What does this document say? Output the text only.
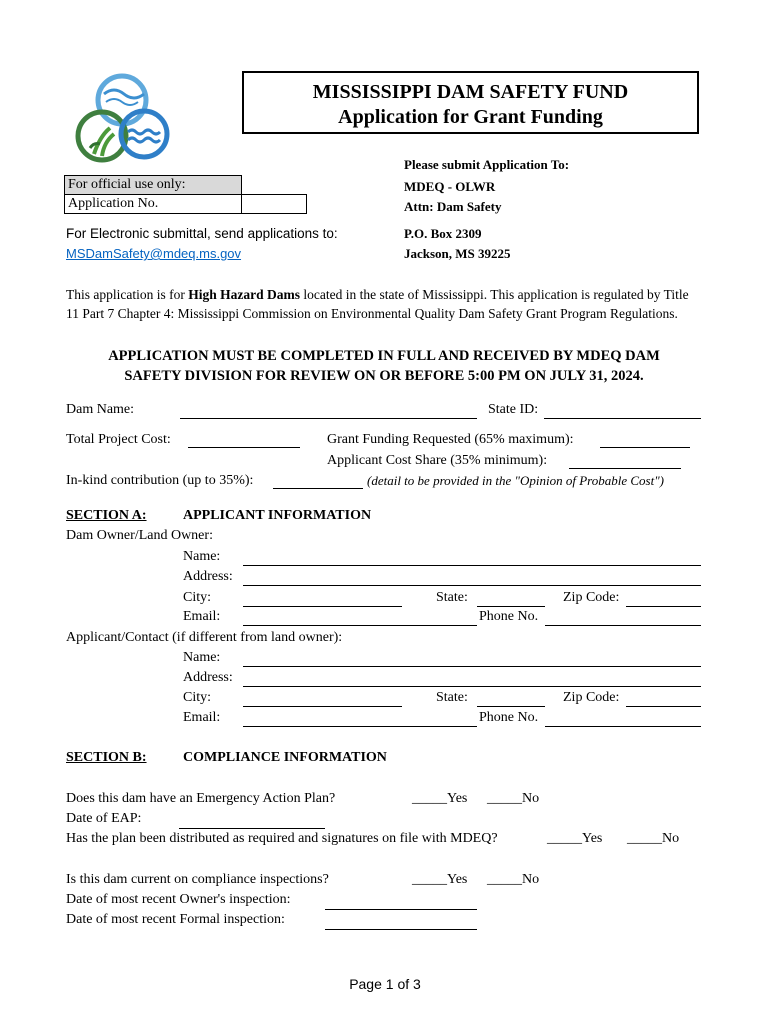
MISSISSIPPI DAM SAFETY FUND
Application for Grant Funding
For official use only:	
Application No.	
Please submit Application To:
MDEQ - OLWR
Attn: Dam Safety
P.O. Box 2309
Jackson, MS 39225
For Electronic submittal, send applications to:
MSDamSafety@mdeq.ms.gov
This application is for High Hazard Dams located in the state of Mississippi. This application is regulated by Title 11 Part 7 Chapter 4: Mississippi Commission on Environmental Quality Dam Safety Grant Program Regulations.
APPLICATION MUST BE COMPLETED IN FULL AND RECEIVED BY MDEQ DAM
SAFETY DIVISION FOR REVIEW ON OR BEFORE 5:00 PM ON JULY 31, 2024.
Dam Name:	State ID:
Total Project Cost:	Grant Funding Requested (65% maximum):
Applicant Cost Share (35% minimum):
In-kind contribution (up to 35%):	(detail to be provided in the "Opinion of Probable Cost")
SECTION A:	APPLICANT INFORMATION
Dam Owner/Land Owner:
Name:
Address:
City:	State:	Zip Code:
Email:	Phone No.
Applicant/Contact (if different from land owner):
Name:
Address:
City:	State:	Zip Code:
Email:	Phone No.
SECTION B:	COMPLIANCE INFORMATION
Does this dam have an Emergency Action Plan?	_____Yes _____No
Date of EAP:
Has the plan been distributed as required and signatures on file with MDEQ?	_____Yes _____No
Is this dam current on compliance inspections?	_____Yes _____No
Date of most recent Owner's inspection:
Date of most recent Formal inspection:
Page 1 of 3
